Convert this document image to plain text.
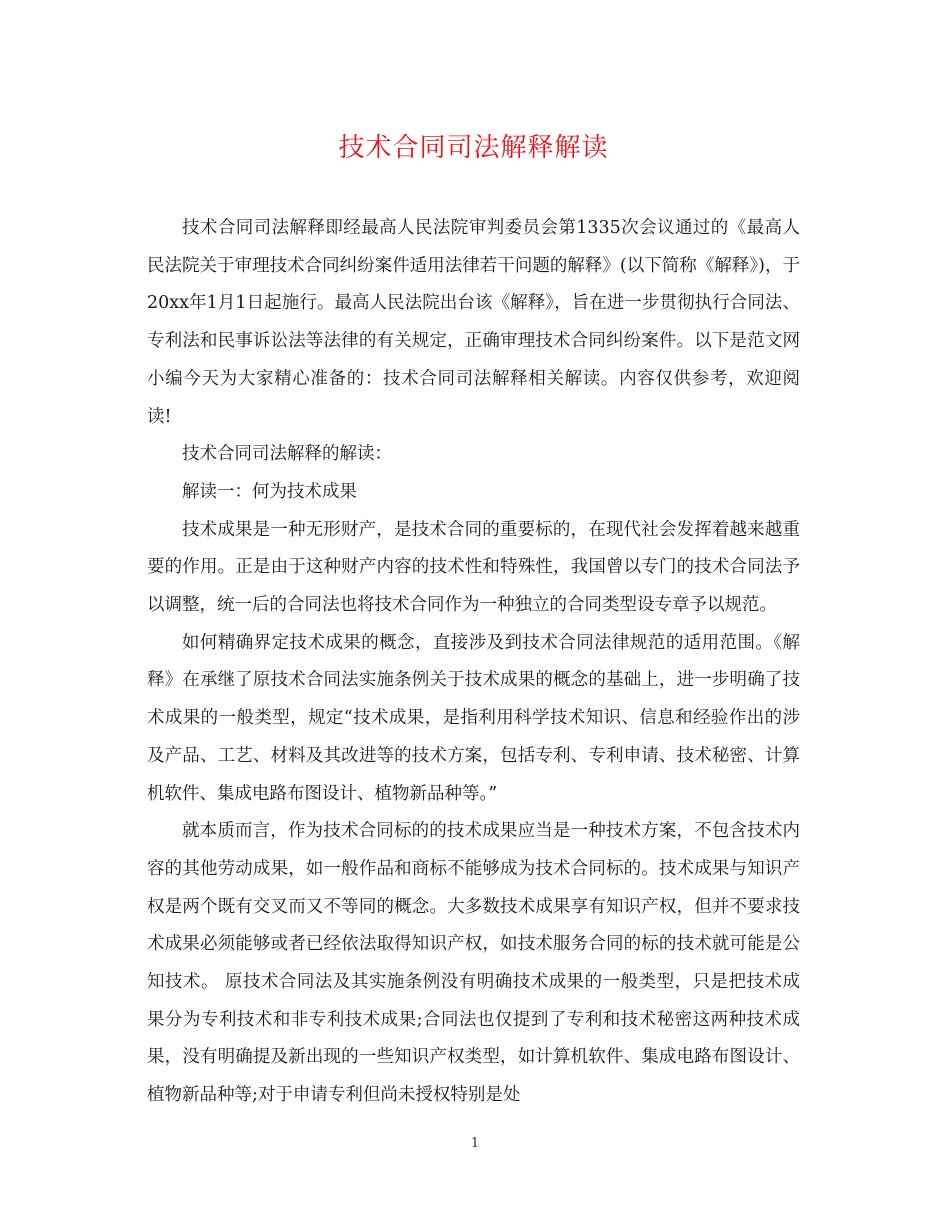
技术合同司法解释解读

技术合同司法解释即经最高人民法院审判委员会第1335次会议通过的《最高人民法院关于审理技术合同纠纷案件适用法律若干问题的解释》(以下简称《解释》)，于20xx年1月1日起施行。最高人民法院出台该《解释》，旨在进一步贯彻执行合同法、专利法和民事诉讼法等法律的有关规定，正确审理技术合同纠纷案件。以下是范文网小编今天为大家精心准备的：技术合同司法解释相关解读。内容仅供参考，欢迎阅读!

技术合同司法解释的解读：

解读一：何为技术成果

技术成果是一种无形财产，是技术合同的重要标的，在现代社会发挥着越来越重要的作用。正是由于这种财产内容的技术性和特殊性，我国曾以专门的技术合同法予以调整，统一后的合同法也将技术合同作为一种独立的合同类型设专章予以规范。

如何精确界定技术成果的概念，直接涉及到技术合同法律规范的适用范围。《解释》在承继了原技术合同法实施条例关于技术成果的概念的基础上，进一步明确了技术成果的一般类型，规定“技术成果，是指利用科学技术知识、信息和经验作出的涉及产品、工艺、材料及其改进等的技术方案，包括专利、专利申请、技术秘密、计算机软件、集成电路布图设计、植物新品种等。”

就本质而言，作为技术合同标的的技术成果应当是一种技术方案，不包含技术内容的其他劳动成果，如一般作品和商标不能够成为技术合同标的。技术成果与知识产权是两个既有交叉而又不等同的概念。大多数技术成果享有知识产权，但并不要求技术成果必须能够或者已经依法取得知识产权，如技术服务合同的标的技术就可能是公知技术。 原技术合同法及其实施条例没有明确技术成果的一般类型，只是把技术成果分为专利技术和非专利技术成果;合同法也仅提到了专利和技术秘密这两种技术成果，没有明确提及新出现的一些知识产权类型，如计算机软件、集成电路布图设计、植物新品种等;对于申请专利但尚未授权特别是处

1
